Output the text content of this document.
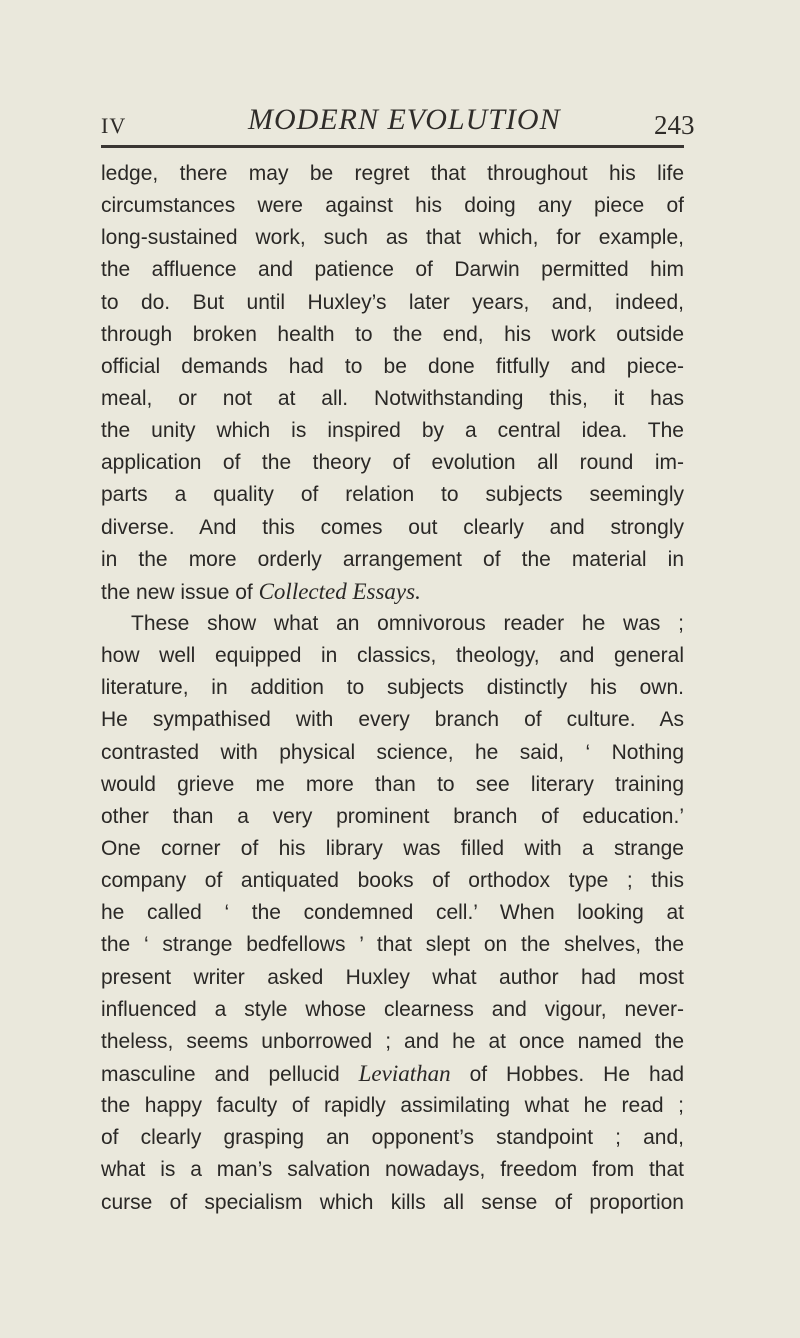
IV	MODERN EVOLUTION	243
ledge, there may be regret that throughout his life
circumstances were against his doing any piece of
long-sustained work, such as that which, for example,
the affluence and patience of Darwin permitted him
to do. But until Huxley’s later years, and, indeed,
through broken health to the end, his work outside
official demands had to be done fitfully and piece-
meal, or not at all. Notwithstanding this, it has
the unity which is inspired by a central idea. The
application of the theory of evolution all round im-
parts a quality of relation to subjects seemingly
diverse. And this comes out clearly and strongly
in the more orderly arrangement of the material in
the new issue of Collected Essays.
These show what an omnivorous reader he was ;
how well equipped in classics, theology, and general
literature, in addition to subjects distinctly his own.
He sympathised with every branch of culture. As
contrasted with physical science, he said, ‘ Nothing
would grieve me more than to see literary training
other than a very prominent branch of education.’
One corner of his library was filled with a strange
company of antiquated books of orthodox type ; this
he called ‘ the condemned cell.’ When looking at
the ‘ strange bedfellows ’ that slept on the shelves, the
present writer asked Huxley what author had most
influenced a style whose clearness and vigour, never-
theless, seems unborrowed ; and he at once named the
masculine and pellucid Leviathan of Hobbes. He had
the happy faculty of rapidly assimilating what he read ;
of clearly grasping an opponent’s standpoint ; and,
what is a man’s salvation nowadays, freedom from that
curse of specialism which kills all sense of proportion
